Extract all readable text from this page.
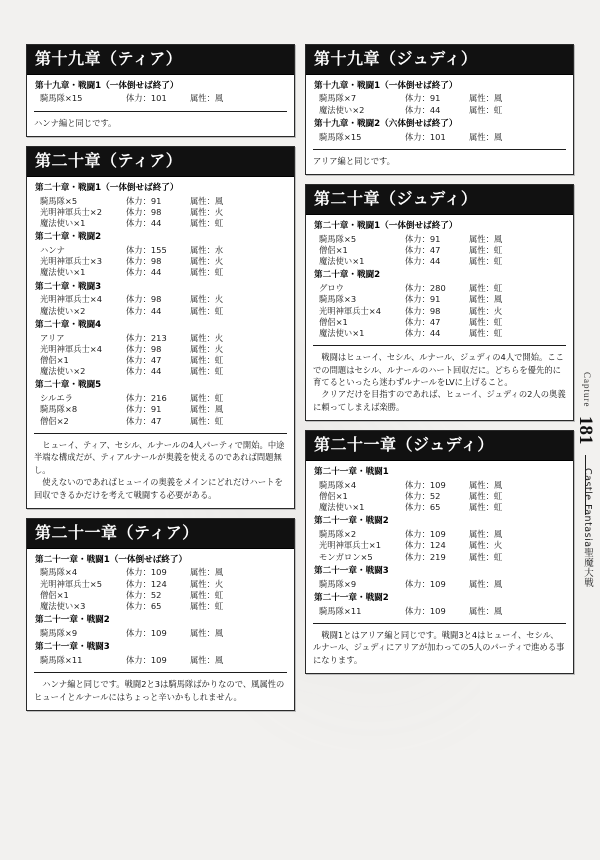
第十九章（ティア）
第十九章・戦闘1（一体倒せば終了）
騎馬隊×15	体力：101	属性：風

ハンナ編と同じです。

第二十章（ティア）
第二十章・戦闘1（一体倒せば終了）
騎馬隊×5	体力：91	属性：風
光明神軍兵士×2	体力：98	属性：火
魔法使い×1	体力：44	属性：虹
第二十章・戦闘2
ハンナ	体力：155	属性：水
光明神軍兵士×3	体力：98	属性：火
魔法使い×1	体力：44	属性：虹
第二十章・戦闘3
光明神軍兵士×4	体力：98	属性：火
魔法使い×2	体力：44	属性：虹
第二十章・戦闘4
アリア	体力：213	属性：火
光明神軍兵士×4	体力：98	属性：火
僧侶×1	体力：47	属性：虹
魔法使い×2	体力：44	属性：虹
第二十章・戦闘5
シルエラ	体力：216	属性：虹
騎馬隊×8	体力：91	属性：風
僧侶×2	体力：47	属性：虹

ヒューイ、ティア、セシル、ルナールの4人パーティで開始。中途半端な構成だが、ティアルナールが奥義を使えるのであれば問題無し。

使えないのであればヒューイの奥義をメインにどれだけハートを回収できるかだけを考えて戦闘する必要がある。

第二十一章（ティア）
第二十一章・戦闘1（一体倒せば終了）
騎馬隊×4	体力：109	属性：風
光明神軍兵士×5	体力：124	属性：火
僧侶×1	体力：52	属性：虹
魔法使い×3	体力：65	属性：虹
第二十一章・戦闘2
騎馬隊×9	体力：109	属性：風
第二十一章・戦闘3
騎馬隊×11	体力：109	属性：風

ハンナ編と同じです。戦闘2と3は騎馬隊ばかりなので、風属性のヒューイとルナールにはちょっと辛いかもしれません。

第十九章（ジュディ）
第十九章・戦闘1（一体倒せば終了）
騎馬隊×7	体力：91	属性：風
魔法使い×2	体力：44	属性：虹
第十九章・戦闘2（六体倒せば終了）
騎馬隊×15	体力：101	属性：風

アリア編と同じです。

第二十章（ジュディ）
第二十章・戦闘1（一体倒せば終了）
騎馬隊×5	体力：91	属性：風
僧侶×1	体力：47	属性：虹
魔法使い×1	体力：44	属性：虹
第二十章・戦闘2
グロウ	体力：280	属性：虹
騎馬隊×3	体力：91	属性：風
光明神軍兵士×4	体力：98	属性：火
僧侶×1	体力：47	属性：虹
魔法使い×1	体力：44	属性：虹

戦闘はヒューイ、セシル、ルナール、ジュディの4人で開始。ここでの問題はセシル、ルナールのハート回収だに。どちらを優先的に育てるといったら迷わずルナールをLVに上げること。

クリアだけを目指すのであれば、ヒューイ、ジュディの2人の奥義に頼ってしまえば楽勝。

第二十一章（ジュディ）
第二十一章・戦闘1
騎馬隊×4	体力：109	属性：風
僧侶×1	体力：52	属性：虹
魔法使い×1	体力：65	属性：虹
第二十一章・戦闘2
騎馬隊×2	体力：109	属性：風
光明神軍兵士×1	体力：124	属性：火
モンガロン×5	体力：219	属性：虹
第二十一章・戦闘3
騎馬隊×9	体力：109	属性：風
第二十一章・戦闘2
騎馬隊×11	体力：109	属性：風

戦闘1とはアリア編と同じです。戦闘3と4はヒューイ、セシル、ルナール、ジュディにアリアが加わっての5人のパーティで進める事になります。

Capture
181
Castle Fantasia聖魔大戦
